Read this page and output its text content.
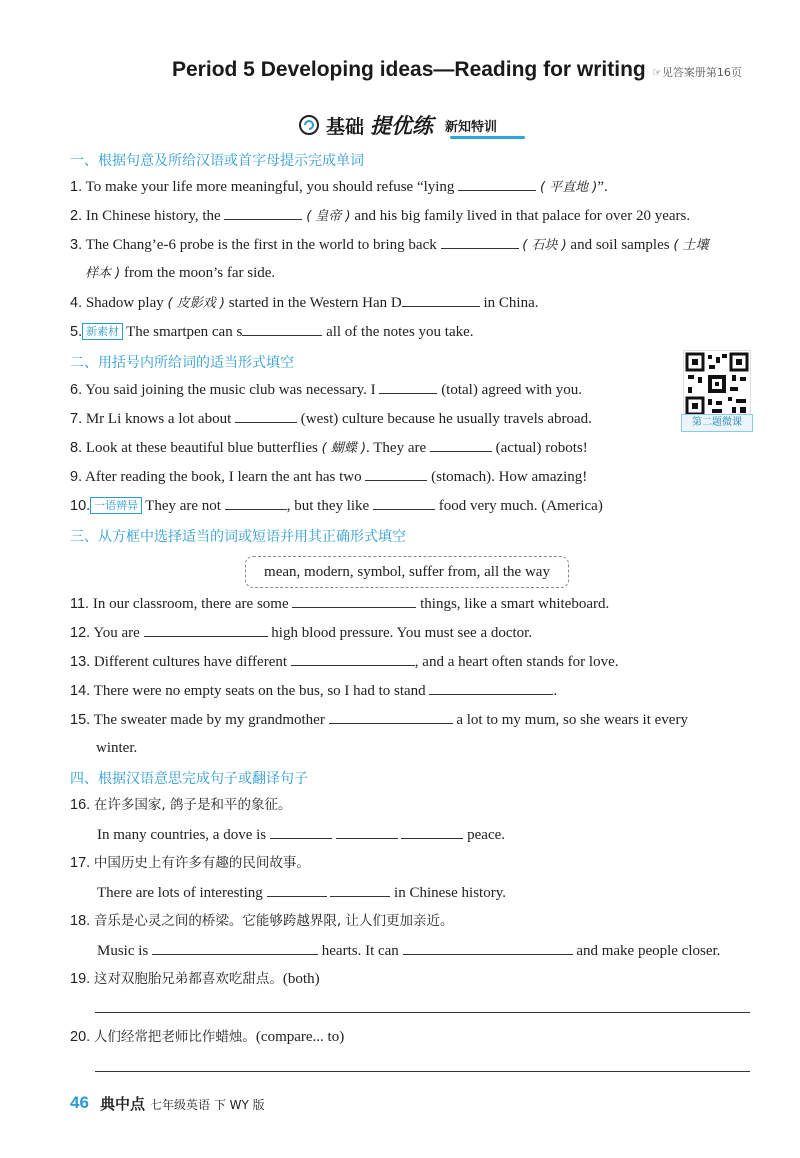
Period 5 Developing ideas—Reading for writing ☞见答案册第16页
基础 提优练 新知特训
一、根据句意及所给汉语或首字母提示完成单词
1. To make your life more meaningful, you should refuse “lying	( 平直地 )”.
2. In Chinese history, the	( 皇帝 ) and his big family lived in that palace for over 20 years.
3. The Chang’e-6 probe is the first in the world to bring back	( 石块 ) and soil samples ( 土壤
样本 ) from the moon’s far side.
4. Shadow play ( 皮影戏 ) started in the Western Han D	in China.
5. 新素材 The smartpen can s	all of the notes you take.
二、用括号内所给词的适当形式填空
6. You said joining the music club was necessary. I	(total) agreed with you.
7. Mr Li knows a lot about	(west) culture because he usually travels abroad.
8. Look at these beautiful blue butterflies ( 蝴蝶 ). They are	(actual) robots!
9. After reading the book, I learn the ant has two	(stomach). How amazing!
10. 一语辨异 They are not	, but they like	food very much. (America)
第二题微课
三、从方框中选择适当的词或短语并用其正确形式填空
mean, modern, symbol, suffer from, all the way
11. In our classroom, there are some	things, like a smart whiteboard.
12. You are	high blood pressure. You must see a doctor.
13. Different cultures have different	, and a heart often stands for love.
14. There were no empty seats on the bus, so I had to stand	.
15. The sweater made by my grandmother	a lot to my mum, so she wears it every
winter.
四、根据汉语意思完成句子或翻译句子
16. 在许多国家, 鸽子是和平的象征。
In many countries, a dove is	peace.
17. 中国历史上有许多有趣的民间故事。
There are lots of interesting	in Chinese history.
18. 音乐是心灵之间的桥梁。它能够跨越界限, 让人们更加亲近。
Music is	hearts. It can	and make people closer.
19. 这对双胞胎兄弟都喜欢吃甜点。(both)
20. 人们经常把老师比作蜡烛。(compare... to)
46 典中点 七年级英语 下 WY 版
